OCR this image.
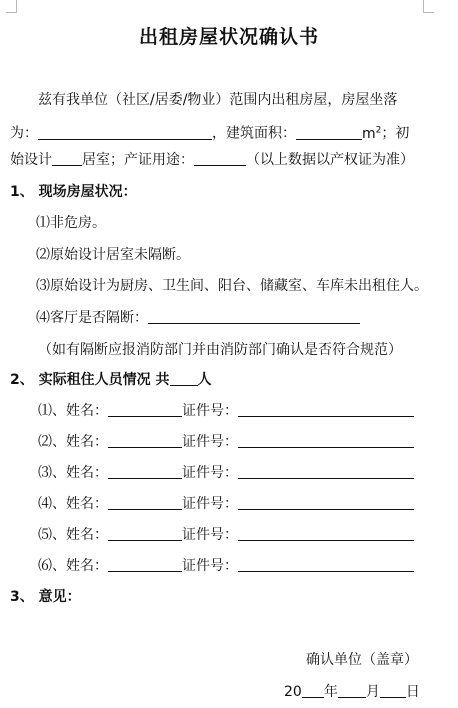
出租房屋状况确认书
兹有我单位（社区/居委/物业）范围内出租房屋，房屋坐落
为：	，建筑面积：	$m^2$；初
始设计 居室；产证用途：	（以上数据以产权证为准）
1、 现场房屋状况：
⑴非危房。
⑵原始设计居室未隔断。
⑶原始设计为厨房、卫生间、阳台、储藏室、车库未出租住人。
⑷客厅是否隔断：
（如有隔断应报消防部门并由消防部门确认是否符合规范）
2、 实际租住人员情况 共 人
⑴、姓名：	证件号：
⑵、姓名：	证件号：
⑶、姓名：	证件号：
⑷、姓名：	证件号：
⑸、姓名：	证件号：
⑹、姓名：	证件号：
3、 意见：
确认单位（盖章）
20 年 月 日
